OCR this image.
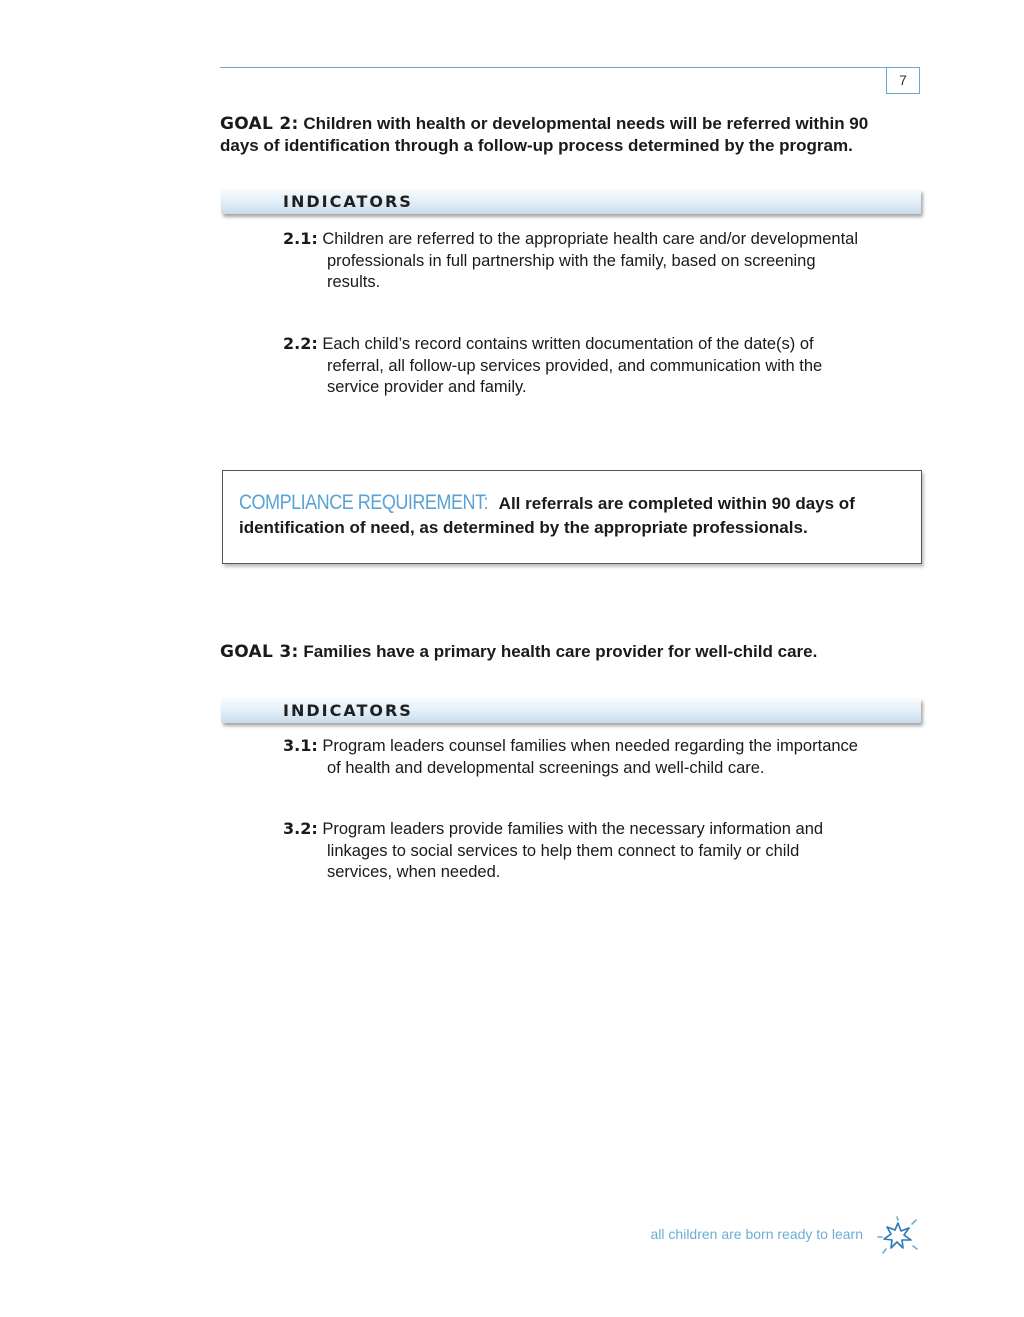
7
GOAL 2: Children with health or developmental needs will be referred within 90
days of identification through a follow-up process determined by the program.
INDICATORS
2.1: Children are referred to the appropriate health care and/or developmental
professionals in full partnership with the family, based on screening
results.
2.2: Each child’s record contains written documentation of the date(s) of
referral, all follow-up services provided, and communication with the
service provider and family.
COMPLIANCE REQUIREMENT: All referrals are completed within 90 days of
identification of need, as determined by the appropriate professionals.
GOAL 3: Families have a primary health care provider for well-child care.
INDICATORS
3.1: Program leaders counsel families when needed regarding the importance
of health and developmental screenings and well-child care.
3.2: Program leaders provide families with the necessary information and
linkages to social services to help them connect to family or child
services, when needed.
all children are born ready to learn
